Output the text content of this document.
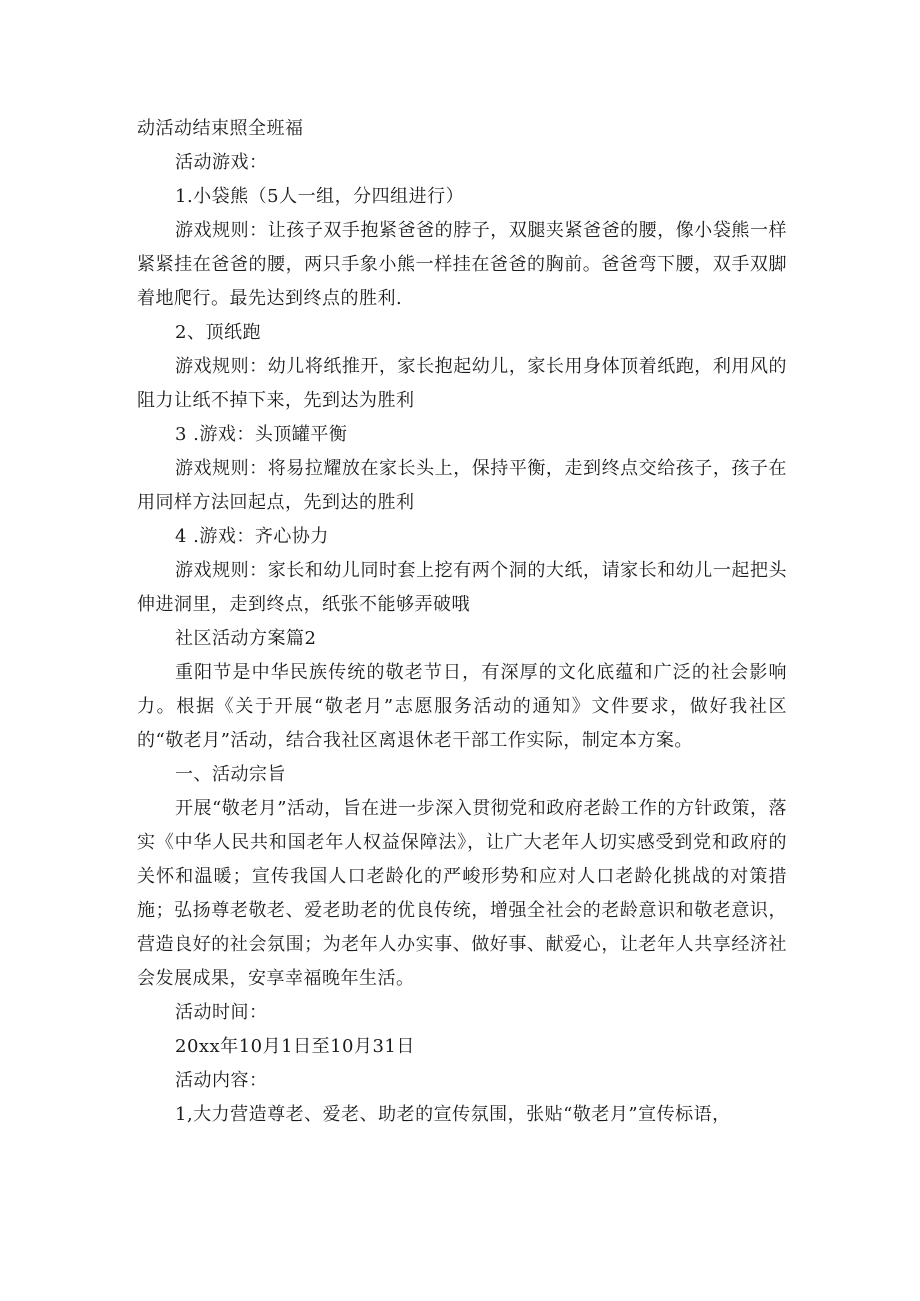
动活动结束照全班福

活动游戏：

1.小袋熊（5人一组，分四组进行）

游戏规则：让孩子双手抱紧爸爸的脖子，双腿夹紧爸爸的腰，像小袋熊一样紧紧挂在爸爸的腰，两只手象小熊一样挂在爸爸的胸前。爸爸弯下腰，双手双脚着地爬行。最先达到终点的胜利.

2、顶纸跑

游戏规则：幼儿将纸推开，家长抱起幼儿，家长用身体顶着纸跑，利用风的阻力让纸不掉下来，先到达为胜利

3 .游戏：头顶罐平衡

游戏规则：将易拉耀放在家长头上，保持平衡，走到终点交给孩子，孩子在用同样方法回起点，先到达的胜利

4 .游戏：齐心协力

游戏规则：家长和幼儿同时套上挖有两个洞的大纸，请家长和幼儿一起把头伸进洞里，走到终点，纸张不能够弄破哦

社区活动方案篇2

重阳节是中华民族传统的敬老节日，有深厚的文化底蕴和广泛的社会影响力。根据《关于开展“敬老月”志愿服务活动的通知》文件要求，做好我社区的“敬老月”活动，结合我社区离退休老干部工作实际，制定本方案。

一、活动宗旨

开展“敬老月”活动，旨在进一步深入贯彻党和政府老龄工作的方针政策，落实《中华人民共和国老年人权益保障法》，让广大老年人切实感受到党和政府的关怀和温暖；宣传我国人口老龄化的严峻形势和应对人口老龄化挑战的对策措施；弘扬尊老敬老、爱老助老的优良传统，增强全社会的老龄意识和敬老意识，营造良好的社会氛围；为老年人办实事、做好事、献爱心，让老年人共享经济社会发展成果，安享幸福晚年生活。

活动时间：

20xx年10月1日至10月31日

活动内容：

1,大力营造尊老、爱老、助老的宣传氛围，张贴“敬老月”宣传标语，
